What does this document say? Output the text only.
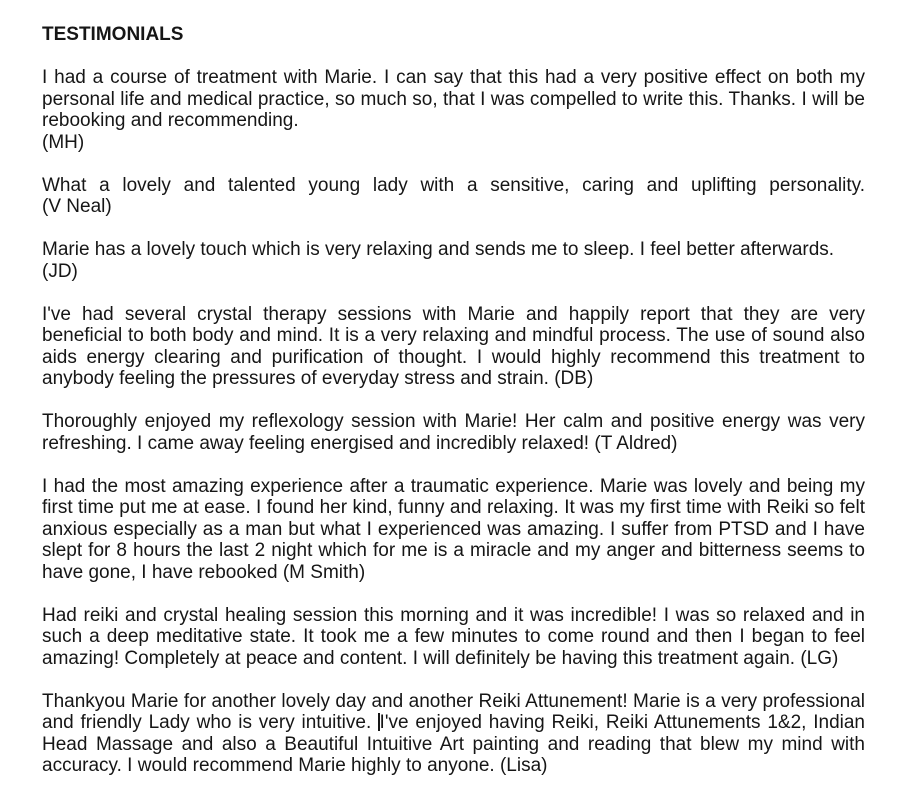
TESTIMONIALS

I had a course of treatment with Marie. I can say that this had a very positive effect on both my personal life and medical practice, so much so, that I was compelled to write this. Thanks. I will be rebooking and recommending.

(MH)

What a lovely and talented young lady with a sensitive, caring and uplifting personality.

(V Neal)

Marie has a lovely touch which is very relaxing and sends me to sleep. I feel better afterwards.

(JD)

I've had several crystal therapy sessions with Marie and happily report that they are very beneficial to both body and mind. It is a very relaxing and mindful process. The use of sound also aids energy clearing and purification of thought. I would highly recommend this treatment to anybody feeling the pressures of everyday stress and strain. (DB)

Thoroughly enjoyed my reflexology session with Marie! Her calm and positive energy was very refreshing. I came away feeling energised and incredibly relaxed! (T Aldred)

I had the most amazing experience after a traumatic experience. Marie was lovely and being my first time put me at ease. I found her kind, funny and relaxing. It was my first time with Reiki so felt anxious especially as a man but what I experienced was amazing. I suffer from PTSD and I have slept for 8 hours the last 2 night which for me is a miracle and my anger and bitterness seems to have gone, I have rebooked (M Smith)

Had reiki and crystal healing session this morning and it was incredible! I was so relaxed and in such a deep meditative state. It took me a few minutes to come round and then I began to feel amazing! Completely at peace and content. I will definitely be having this treatment again. (LG)

Thankyou Marie for another lovely day and another Reiki Attunement! Marie is a very professional and friendly Lady who is very intuitive. I've enjoyed having Reiki, Reiki Attunements 1&2, Indian Head Massage and also a Beautiful Intuitive Art painting and reading that blew my mind with accuracy. I would recommend Marie highly to anyone. (Lisa)
